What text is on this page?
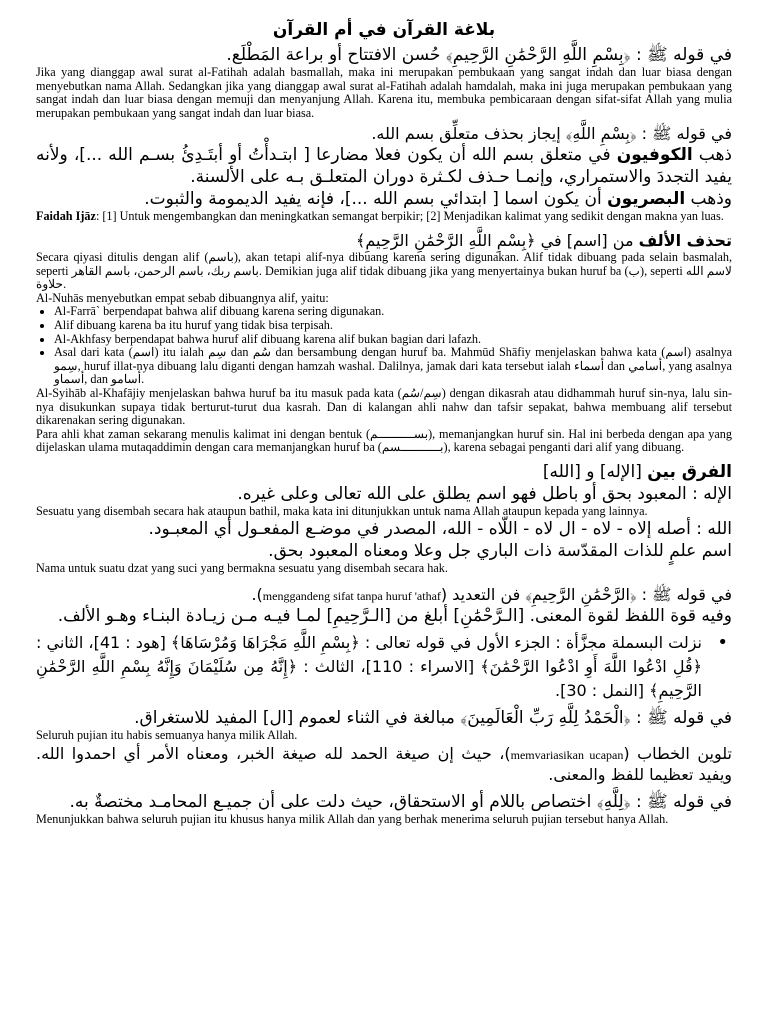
بلاغة القرآن في أم القرآن

في قوله ﷺ : ﴿بِسْمِ اللَّهِ الرَّحْمَٰنِ الرَّحِيمِ﴾ حُسن الافتتاح أو براعة المَطْلَع.

Jika yang dianggap awal surat al-Fatihah adalah basmallah, maka ini merupakan pembukaan yang sangat indah dan luar biasa dengan menyebutkan nama Allah. Sedangkan jika yang dianggap awal surat al-Fatihah adalah hamdalah, maka ini juga merupakan pembukaan yang sangat indah dan luar biasa dengan memuji dan menyanjung Allah. Karena itu, membuka pembicaraan dengan sifat-sifat Allah yang mulia merupakan pembukaan yang sangat indah dan luar biasa.

في قوله ﷺ : ﴿بِسْمِ اللَّهِ﴾ إيجاز بحذف متعلِّق بسم الله.

ذهب الكوفيون في متعلق بسم الله أن يكون فعلا مضارعا [ ابتـدأْتُ أو أبتَـدِئُ بسـم الله ...]، ولأنه يفيد التجددَ والاستمراري، وإنمـا حـذف لكـثرة دوران المتعلـق بـه على الألسنة.

وذهب البصريون أن يكون اسما [ ابتدائي بسم الله ...]، فإنه يفيد الديمومة والثبوت.

Faidah Ijāz: [1] Untuk mengembangkan dan meningkatkan semangat berpikir; [2] Menjadikan kalimat yang sedikit dengan makna yan luas.

تحذف الألف من [اسم] في ﴿بِسْمِ اللَّهِ الرَّحْمَٰنِ الرَّحِيمِ﴾

Secara qiyasi ditulis dengan alif (باسم), akan tetapi alif-nya dibuang karena sering digunakan. Alif tidak dibuang pada selain basmalah, seperti باسم ربك، باسم الرحمن، باسم القاهر. Demikian juga alif tidak dibuang jika yang menyertainya bukan huruf ba (ب), seperti لاسم الله حلاوة.

Al-Nuhās menyebutkan empat sebab dibuangnya alif, yaitu:

• Al-Farrā` berpendapat bahwa alif dibuang karena sering digunakan.
• Alif dibuang karena ba itu huruf yang tidak bisa terpisah.
• Al-Akhfasy berpendapat bahwa huruf alif dibuang karena alif bukan bagian dari lafazh.
• Asal dari kata (اسم) itu ialah سِم dan سُم dan bersambung dengan huruf ba. Mahmūd Shāfiy menjelaskan bahwa kata (اسم) asalnya سِمو, huruf illat-nya dibuang lalu diganti dengan hamzah washal. Dalilnya, jamak dari kata tersebut ialah أسماء dan أسامي, yang asalnya أسماو, dan أسامو.

Al-Syihāb al-Khafājiy menjelaskan bahwa huruf ba itu masuk pada kata (سِم/سُم) dengan dikasrah atau didhammah huruf sin-nya, lalu sin-nya disukunkan supaya tidak berturut-turut dua kasrah. Dan di kalangan ahli nahw dan tafsir sepakat, bahwa membuang alif tersebut dikarenakan sering digunakan.

Para ahli khat zaman sekarang menulis kalimat ini dengan bentuk (بســــــــــم), memanjangkan huruf sin. Hal ini berbeda dengan apa yang dijelaskan ulama mutaqaddimin dengan cara memanjangkan huruf ba (بـــــــــــسم), karena sebagai penganti dari alif yang dibuang.

الفرق بين [الإله] و [الله]

الإله : المعبود بحق أو باطل فهو اسم يطلق على الله تعالى وعلى غيره.

Sesuatu yang disembah secara hak ataupun bathil, maka kata ini ditunjukkan untuk nama Allah ataupun kepada yang lainnya.

الله : أصله إلاه - لاه - ال لاه - اللّاه - الله، المصدر في موضـع المفعـول أي المعبـود.

اسم علمٍ للذات المقدّسة ذات الباري جل وعلا ومعناه المعبود بحق.

Nama untuk suatu dzat yang suci yang bermakna sesuatu yang disembah secara hak.

في قوله ﷺ : ﴿الرَّحْمَٰنِ الرَّحِيمِ﴾ فن التعديد (menggandeng sifat tanpa huruf 'athaf).

وفيه قوة اللفظ لقوة المعنى. [الـرَّحْمَٰنِ] أبلغ من [الـرَّحِيمِ] لمـا فيـه مـن زيـادة البنـاء وهـو الألف.

• نزلت البسملة مجزَّأة : الجزء الأول في قوله تعالى : ﴿بِسْمِ اللَّهِ مَجْرَاهَا وَمُرْسَاهَا﴾ [هود : 41]، الثاني : ﴿قُلِ ادْعُوا اللَّهَ أَوِ ادْعُوا الرَّحْمَٰنَ﴾ [الاسراء : 110]، الثالث : ﴿إِنَّهُ مِن سُلَيْمَانَ وَإِنَّهُ بِسْمِ اللَّهِ الرَّحْمَٰنِ الرَّحِيمِ﴾ [النمل : 30].

في قوله ﷺ : ﴿الْحَمْدُ لِلَّهِ رَبِّ الْعَالَمِينَ﴾ مبالغة في الثناء لعموم [ال] المفيد للاستغراق.

Seluruh pujian itu habis semuanya hanya milik Allah.

تلوين الخطاب (memvariasikan ucapan)، حيث إن صيغة الحمد لله صيغة الخبر، ومعناه الأمر أي احمدوا الله. ويفيد تعظيما للفظ والمعنى.

في قوله ﷺ : ﴿لِلَّهِ﴾ اختصاص باللام أو الاستحقاق، حيث دلت على أن جميـع المحامـد مختصةٌ به.

Menunjukkan bahwa seluruh pujian itu khusus hanya milik Allah dan yang berhak menerima seluruh pujian tersebut hanya Allah.
